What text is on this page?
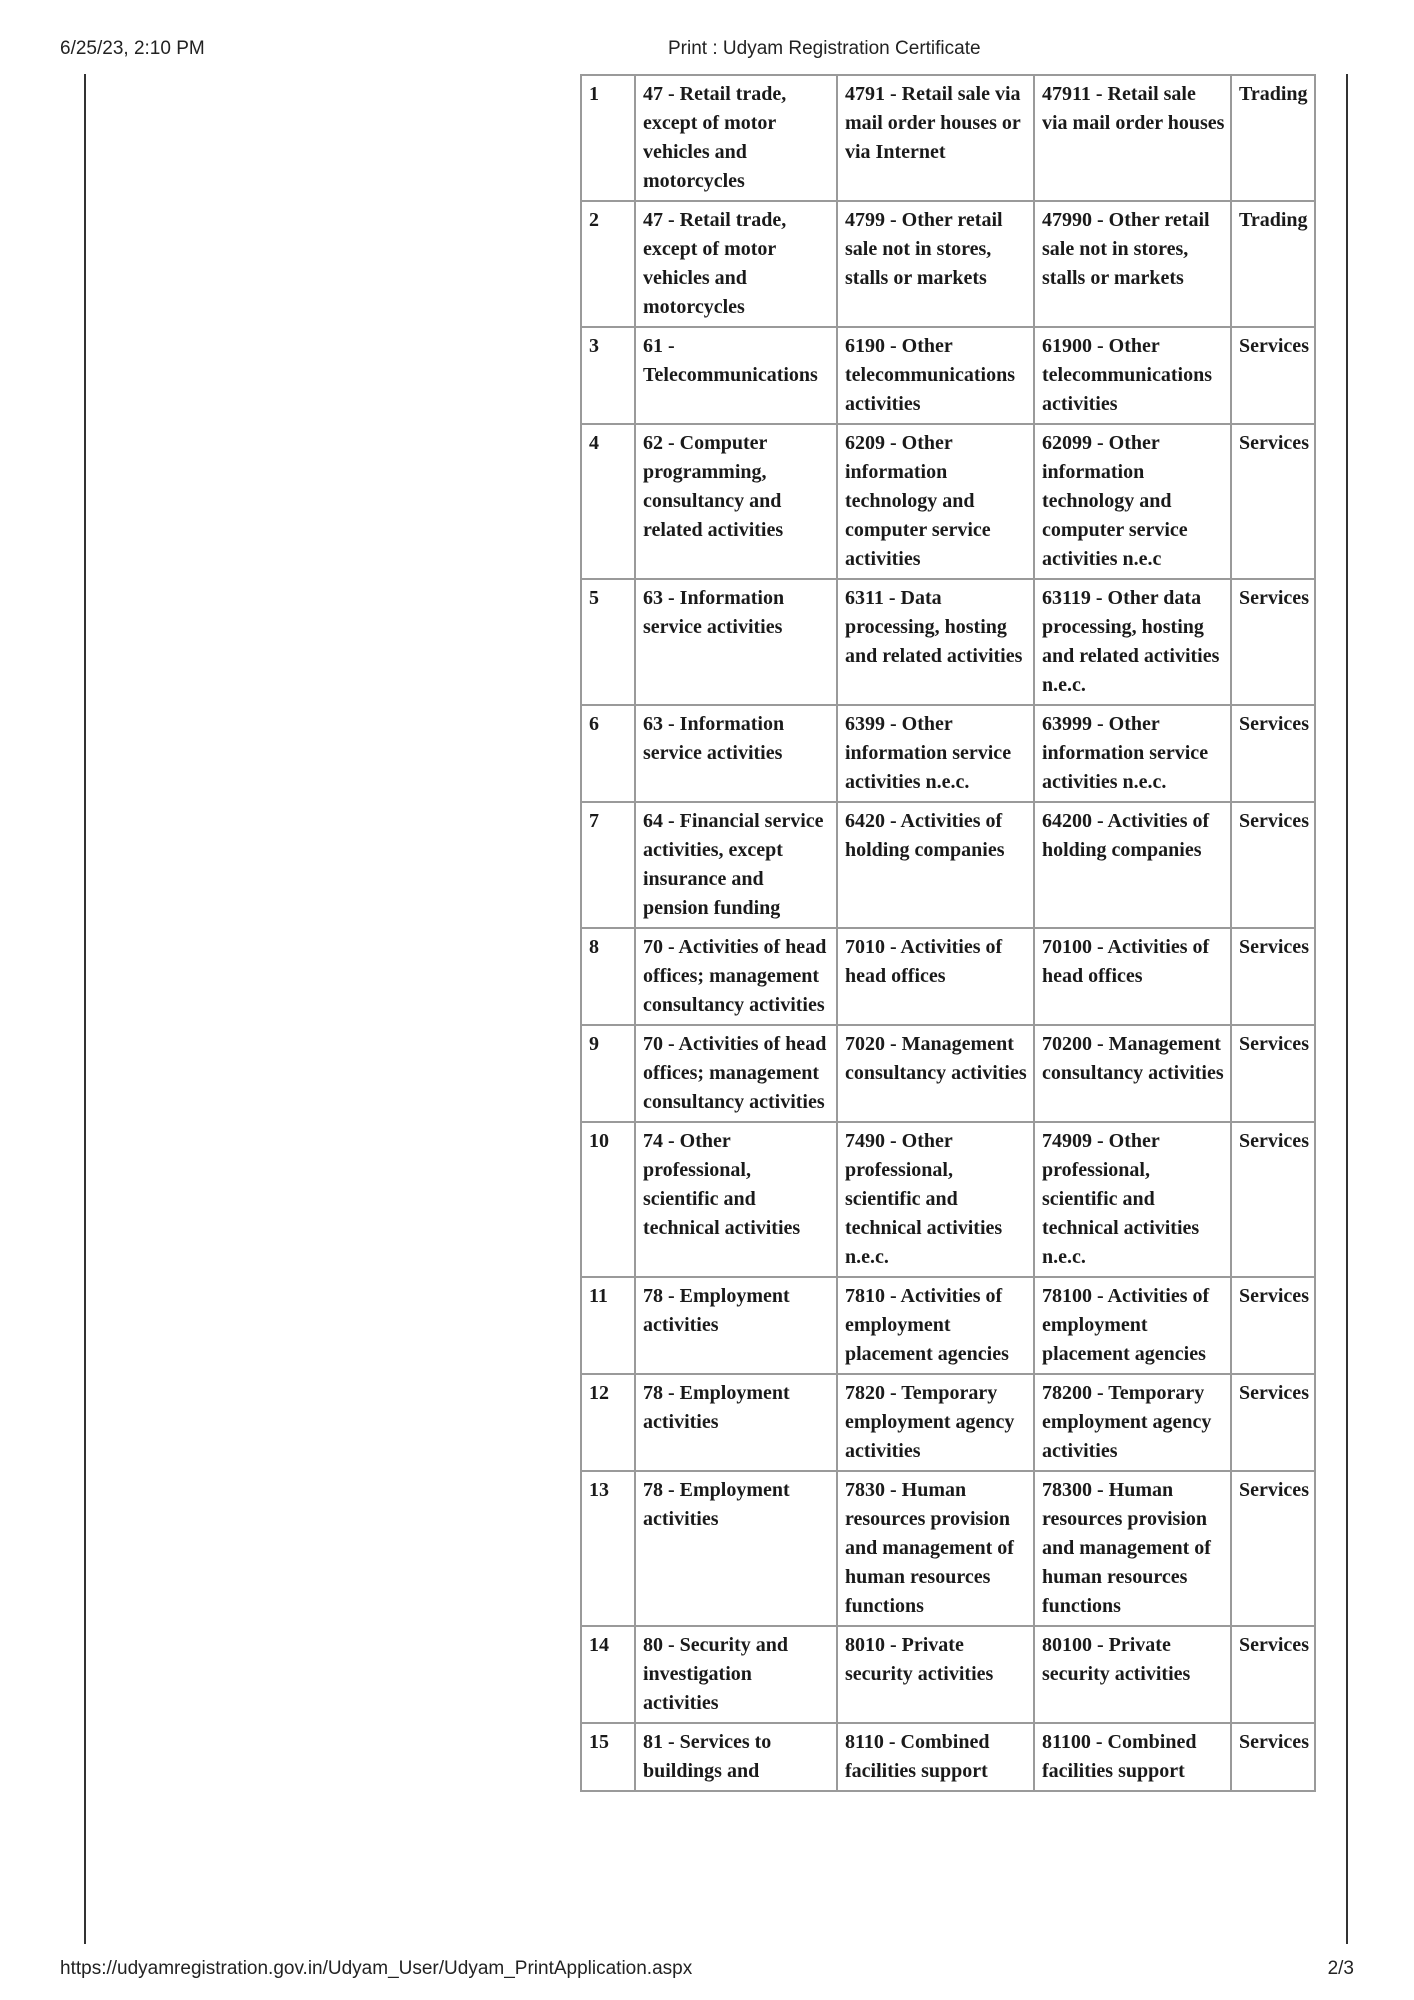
6/25/23, 2:10 PM	Print : Udyam Registration Certificate
1	47 - Retail trade, except of motor vehicles and motorcycles	4791 - Retail sale via mail order houses or via Internet	47911 - Retail sale via mail order houses	Trading
2	47 - Retail trade, except of motor vehicles and motorcycles	4799 - Other retail sale not in stores, stalls or markets	47990 - Other retail sale not in stores, stalls or markets	Trading
3	61 - Telecommunications	6190 - Other telecommunications activities	61900 - Other telecommunications activities	Services
4	62 - Computer programming, consultancy and related activities	6209 - Other information technology and computer service activities	62099 - Other information technology and computer service activities n.e.c	Services
5	63 - Information service activities	6311 - Data processing, hosting and related activities	63119 - Other data processing, hosting and related activities n.e.c.	Services
6	63 - Information service activities	6399 - Other information service activities n.e.c.	63999 - Other information service activities n.e.c.	Services
7	64 - Financial service activities, except insurance and pension funding	6420 - Activities of holding companies	64200 - Activities of holding companies	Services
8	70 - Activities of head offices; management consultancy activities	7010 - Activities of head offices	70100 - Activities of head offices	Services
9	70 - Activities of head offices; management consultancy activities	7020 - Management consultancy activities	70200 - Management consultancy activities	Services
10	74 - Other professional, scientific and technical activities	7490 - Other professional, scientific and technical activities n.e.c.	74909 - Other professional, scientific and technical activities n.e.c.	Services
11	78 - Employment activities	7810 - Activities of employment placement agencies	78100 - Activities of employment placement agencies	Services
12	78 - Employment activities	7820 - Temporary employment agency activities	78200 - Temporary employment agency activities	Services
13	78 - Employment activities	7830 - Human resources provision and management of human resources functions	78300 - Human resources provision and management of human resources functions	Services
14	80 - Security and investigation activities	8010 - Private security activities	80100 - Private security activities	Services
15	81 - Services to buildings and	8110 - Combined facilities support	81100 - Combined facilities support	Services
https://udyamregistration.gov.in/Udyam_User/Udyam_PrintApplication.aspx	2/3
